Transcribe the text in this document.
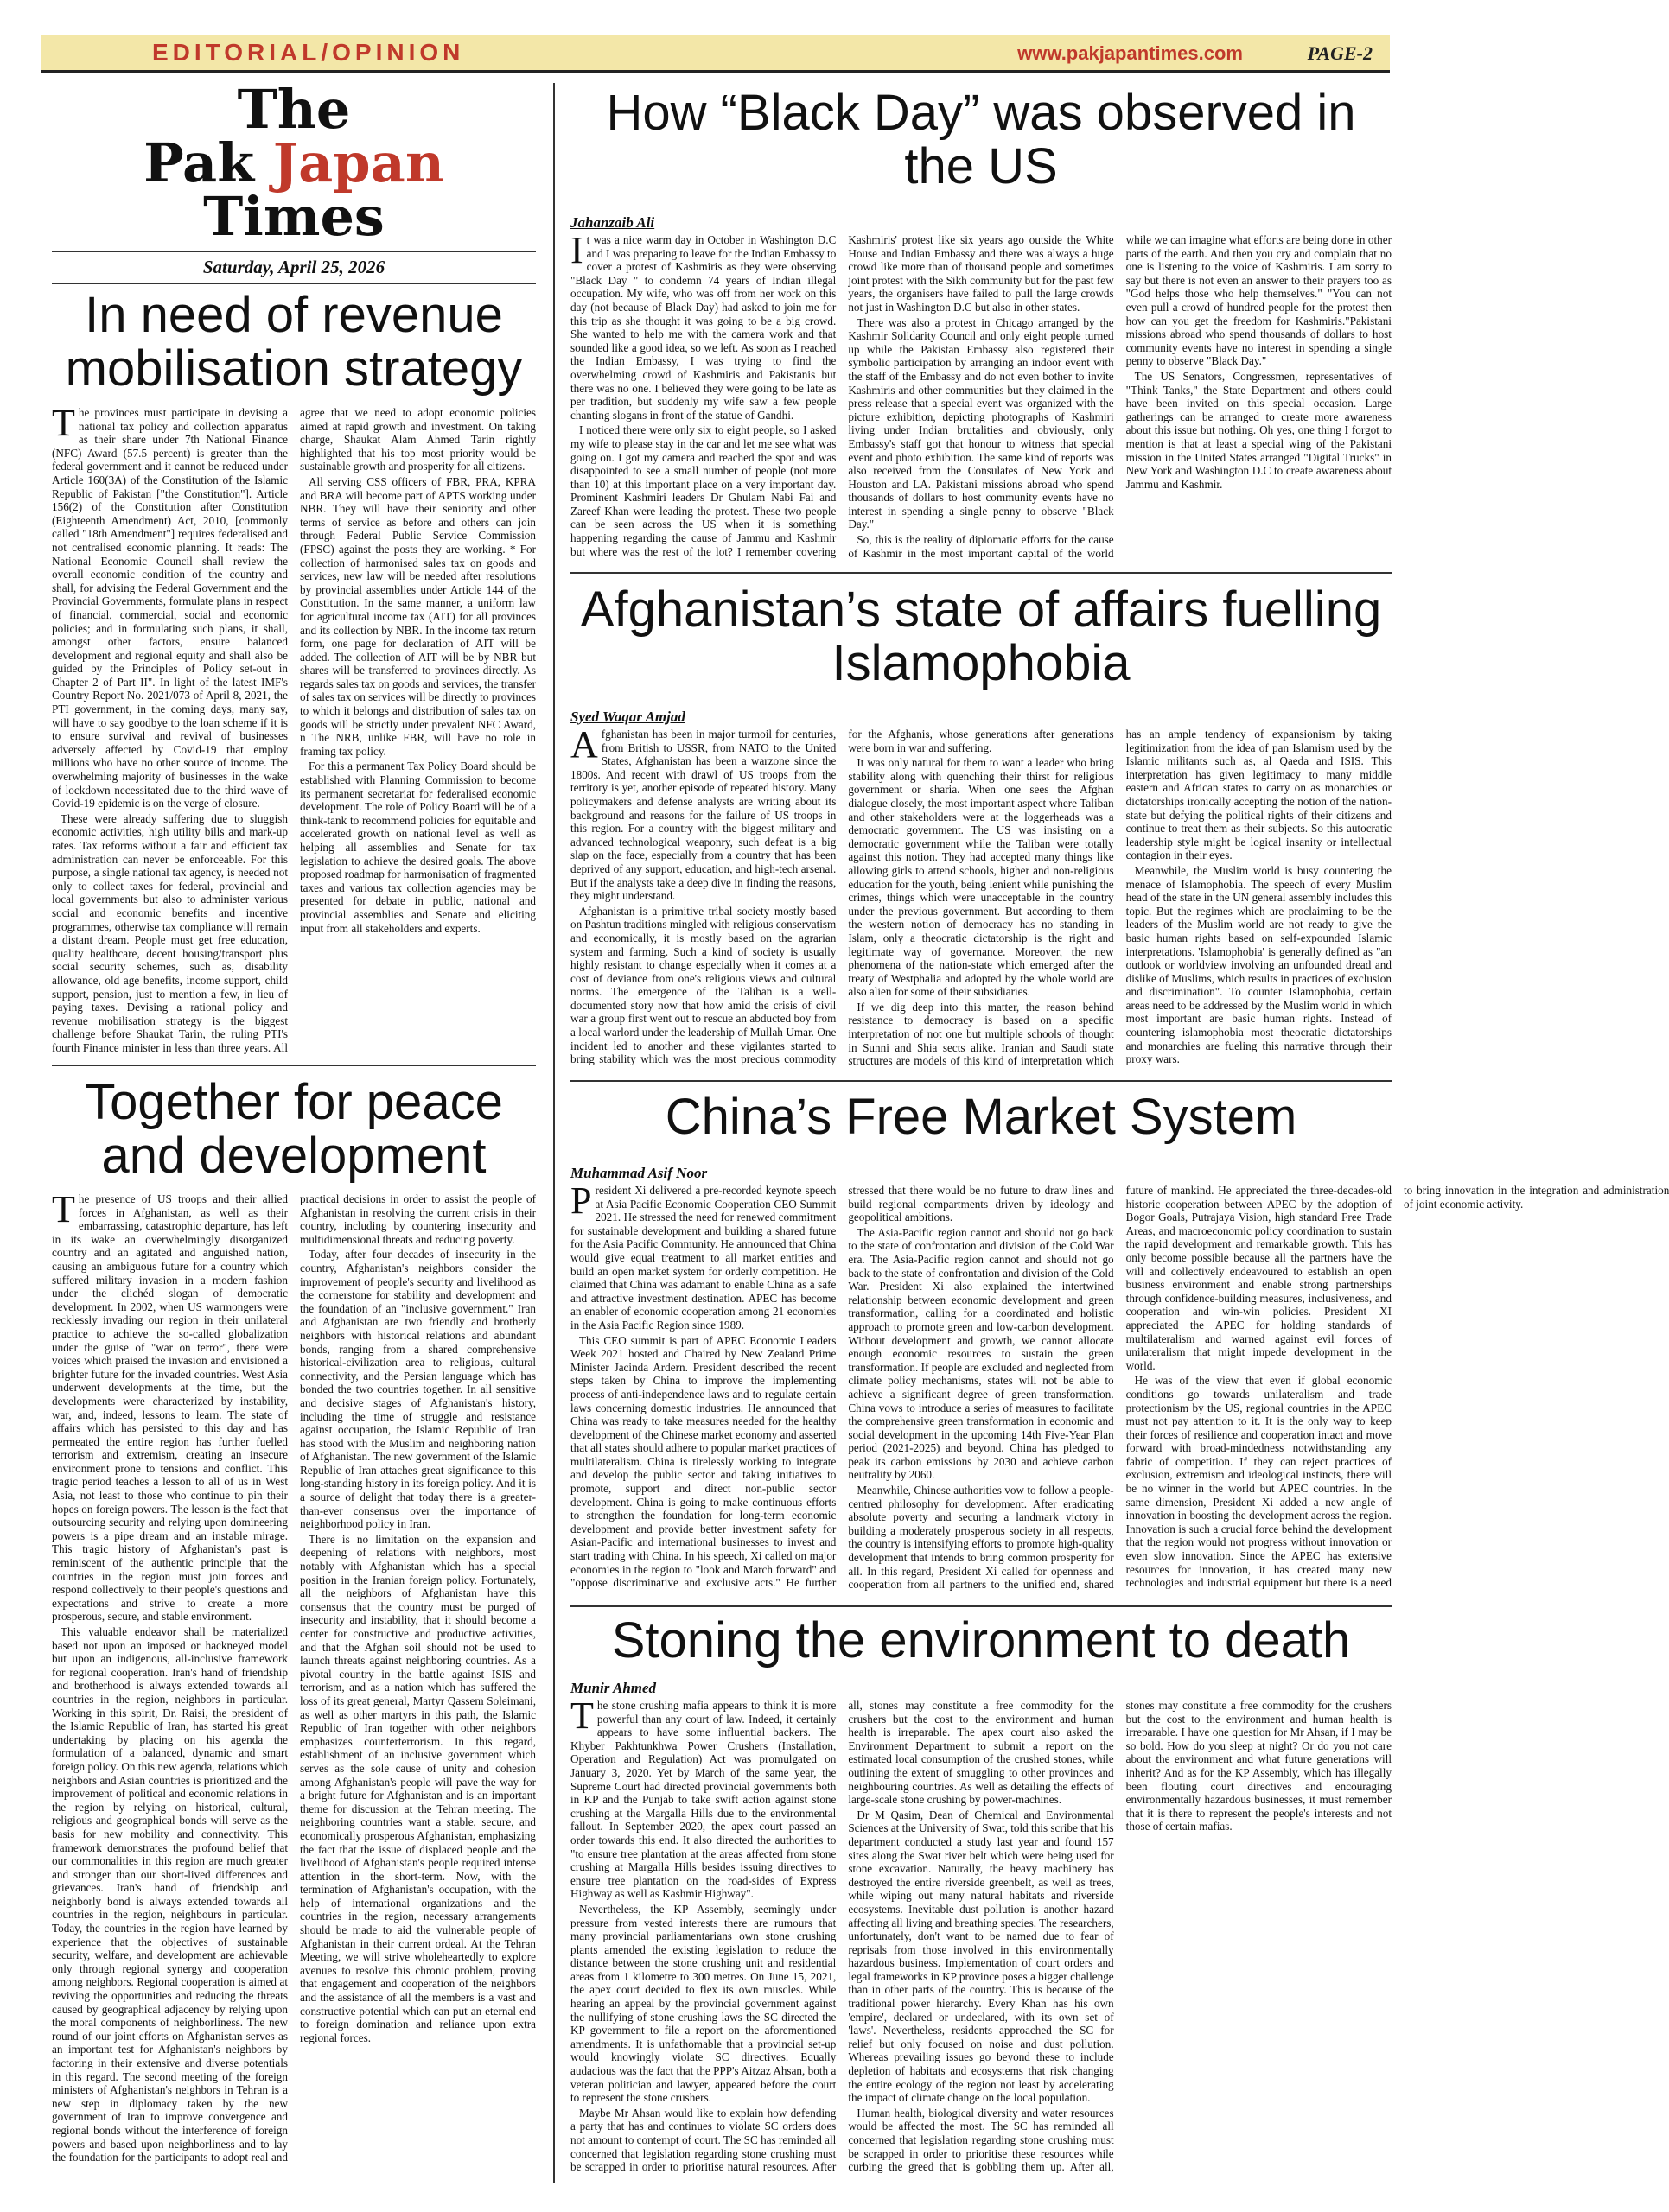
EDITORIAL/OPINION	www.pakjapantimes.com	PAGE-2
The
Pak Japan
Times
Saturday, April 25, 2026
In need of revenue mobilisation strategy

The provinces must participate in devising a national tax policy and collection apparatus as their share under 7th National Finance (NFC) Award (57.5 percent) is greater than the federal government and it cannot be reduced under Article 160(3A) of the Constitution of the Islamic Republic of Pakistan ["the Constitution"]. Article 156(2) of the Constitution after Constitution (Eighteenth Amendment) Act, 2010, [commonly called "18th Amendment"] requires federalised and not centralised economic planning. It reads: The National Economic Council shall review the overall economic condition of the country and shall, for advising the Federal Government and the Provincial Governments, formulate plans in respect of financial, commercial, social and economic policies; and in formulating such plans, it shall, amongst other factors, ensure balanced development and regional equity and shall also be guided by the Principles of Policy set-out in Chapter 2 of Part II". In light of the latest IMF's Country Report No. 2021/073 of April 8, 2021, the PTI government, in the coming days, many say, will have to say goodbye to the loan scheme if it is to ensure survival and revival of businesses adversely affected by Covid-19 that employ millions who have no other source of income. The overwhelming majority of businesses in the wake of lockdown necessitated due to the third wave of Covid-19 epidemic is on the verge of closure.

These were already suffering due to sluggish economic activities, high utility bills and mark-up rates. Tax reforms without a fair and efficient tax administration can never be enforceable. For this purpose, a single national tax agency, is needed not only to collect taxes for federal, provincial and local governments but also to administer various social and economic benefits and incentive programmes, otherwise tax compliance will remain a distant dream. People must get free education, quality healthcare, decent housing/transport plus social security schemes, such as, disability allowance, old age benefits, income support, child support, pension, just to mention a few, in lieu of paying taxes. Devising a rational policy and revenue mobilisation strategy is the biggest challenge before Shaukat Tarin, the ruling PTI's fourth Finance minister in less than three years. All agree that we need to adopt economic policies aimed at rapid growth and investment. On taking charge, Shaukat Alam Ahmed Tarin rightly highlighted that his top most priority would be sustainable growth and prosperity for all citizens.

All serving CSS officers of FBR, PRA, KPRA and BRA will become part of APTS working under NBR. They will have their seniority and other terms of service as before and others can join through Federal Public Service Commission (FPSC) against the posts they are working. * For collection of harmonised sales tax on goods and services, new law will be needed after resolutions by provincial assemblies under Article 144 of the Constitution. In the same manner, a uniform law for agricultural income tax (AIT) for all provinces and its collection by NBR. In the income tax return form, one page for declaration of AIT will be added. The collection of AIT will be by NBR but shares will be transferred to provinces directly. As regards sales tax on goods and services, the transfer of sales tax on services will be directly to provinces to which it belongs and distribution of sales tax on goods will be strictly under prevalent NFC Award, n The NRB, unlike FBR, will have no role in framing tax policy.

For this a permanent Tax Policy Board should be established with Planning Commission to become its permanent secretariat for federalised economic development. The role of Policy Board will be of a think-tank to recommend policies for equitable and accelerated growth on national level as well as helping all assemblies and Senate for tax legislation to achieve the desired goals. The above proposed roadmap for harmonisation of fragmented taxes and various tax collection agencies may be presented for debate in public, national and provincial assemblies and Senate and eliciting input from all stakeholders and experts.

Together for peace and development

The presence of US troops and their allied forces in Afghanistan, as well as their embarrassing, catastrophic departure, has left in its wake an overwhelmingly disorganized country and an agitated and anguished nation, causing an ambiguous future for a country which suffered military invasion in a modern fashion under the clichéd slogan of democratic development. In 2002, when US warmongers were recklessly invading our region in their unilateral practice to achieve the so-called globalization under the guise of "war on terror", there were voices which praised the invasion and envisioned a brighter future for the invaded countries. West Asia underwent developments at the time, but the developments were characterized by instability, war, and, indeed, lessons to learn. The state of affairs which has persisted to this day and has permeated the entire region has further fuelled terrorism and extremism, creating an insecure environment prone to tensions and conflict. This tragic period teaches a lesson to all of us in West Asia, not least to those who continue to pin their hopes on foreign powers. The lesson is the fact that outsourcing security and relying upon domineering powers is a pipe dream and an instable mirage. This tragic history of Afghanistan's past is reminiscent of the authentic principle that the countries in the region must join forces and respond collectively to their people's questions and expectations and strive to create a more prosperous, secure, and stable environment.

This valuable endeavor shall be materialized based not upon an imposed or hackneyed model but upon an indigenous, all-inclusive framework for regional cooperation. Iran's hand of friendship and brotherhood is always extended towards all countries in the region, neighbors in particular. Working in this spirit, Dr. Raisi, the president of the Islamic Republic of Iran, has started his great undertaking by placing on his agenda the formulation of a balanced, dynamic and smart foreign policy. On this new agenda, relations which neighbors and Asian countries is prioritized and the improvement of political and economic relations in the region by relying on historical, cultural, religious and geographical bonds will serve as the basis for new mobility and connectivity. This framework demonstrates the profound belief that our commonalities in this region are much greater and stronger than our short-lived differences and grievances. Iran's hand of friendship and neighborly bond is always extended towards all countries in the region, neighbours in particular. Today, the countries in the region have learned by experience that the objectives of sustainable security, welfare, and development are achievable only through regional synergy and cooperation among neighbors. Regional cooperation is aimed at reviving the opportunities and reducing the threats caused by geographical adjacency by relying upon the moral components of neighborliness. The new round of our joint efforts on Afghanistan serves as an important test for Afghanistan's neighbors by factoring in their extensive and diverse potentials in this regard. The second meeting of the foreign ministers of Afghanistan's neighbors in Tehran is a new step in diplomacy taken by the new government of Iran to improve convergence and regional bonds without the interference of foreign powers and based upon neighborliness and to lay the foundation for the participants to adopt real and practical decisions in order to assist the people of Afghanistan in resolving the current crisis in their country, including by countering insecurity and multidimensional threats and reducing poverty.

Today, after four decades of insecurity in the country, Afghanistan's neighbors consider the improvement of people's security and livelihood as the cornerstone for stability and development and the foundation of an "inclusive government." Iran and Afghanistan are two friendly and brotherly neighbors with historical relations and abundant bonds, ranging from a shared comprehensive historical-civilization area to religious, cultural connectivity, and the Persian language which has bonded the two countries together. In all sensitive and decisive stages of Afghanistan's history, including the time of struggle and resistance against occupation, the Islamic Republic of Iran has stood with the Muslim and neighboring nation of Afghanistan. The new government of the Islamic Republic of Iran attaches great significance to this long-standing history in its foreign policy. And it is a source of delight that today there is a greater-than-ever consensus over the importance of neighborhood policy in Iran.

There is no limitation on the expansion and deepening of relations with neighbors, most notably with Afghanistan which has a special position in the Iranian foreign policy. Fortunately, all the neighbors of Afghanistan have this consensus that the country must be purged of insecurity and instability, that it should become a center for constructive and productive activities, and that the Afghan soil should not be used to launch threats against neighboring countries. As a pivotal country in the battle against ISIS and terrorism, and as a nation which has suffered the loss of its great general, Martyr Qassem Soleimani, as well as other martyrs in this path, the Islamic Republic of Iran together with other neighbors emphasizes counterterrorism. In this regard, establishment of an inclusive government which serves as the sole cause of unity and cohesion among Afghanistan's people will pave the way for a bright future for Afghanistan and is an important theme for discussion at the Tehran meeting. The neighboring countries want a stable, secure, and economically prosperous Afghanistan, emphasizing the fact that the issue of displaced people and the livelihood of Afghanistan's people required intense attention in the short-term. Now, with the termination of Afghanistan's occupation, with the help of international organizations and the countries in the region, necessary arrangements should be made to aid the vulnerable people of Afghanistan in their current ordeal. At the Tehran Meeting, we will strive wholeheartedly to explore avenues to resolve this chronic problem, proving that engagement and cooperation of the neighbors and the assistance of all the members is a vast and constructive potential which can put an eternal end to foreign domination and reliance upon extra regional forces.

How “Black Day” was observed in the US
Jahanzaib Ali

It was a nice warm day in October in Washington D.C and I was preparing to leave for the Indian Embassy to cover a protest of Kashmiris as they were observing "Black Day " to condemn 74 years of Indian illegal occupation. My wife, who was off from her work on this day (not because of Black Day) had asked to join me for this trip as she thought it was going to be a big crowd. She wanted to help me with the camera work and that sounded like a good idea, so we left. As soon as I reached the Indian Embassy, I was trying to find the overwhelming crowd of Kashmiris and Pakistanis but there was no one. I believed they were going to be late as per tradition, but suddenly my wife saw a few people chanting slogans in front of the statue of Gandhi.

I noticed there were only six to eight people, so I asked my wife to please stay in the car and let me see what was going on. I got my camera and reached the spot and was disappointed to see a small number of people (not more than 10) at this important place on a very important day. Prominent Kashmiri leaders Dr Ghulam Nabi Fai and Zareef Khan were leading the protest. These two people can be seen across the US when it is something happening regarding the cause of Jammu and Kashmir but where was the rest of the lot? I remember covering Kashmiris' protest like six years ago outside the White House and Indian Embassy and there was always a huge crowd like more than of thousand people and sometimes joint protest with the Sikh community but for the past few years, the organisers have failed to pull the large crowds not just in Washington D.C but also in other states.

There was also a protest in Chicago arranged by the Kashmir Solidarity Council and only eight people turned up while the Pakistan Embassy also registered their symbolic participation by arranging an indoor event with the staff of the Embassy and do not even bother to invite Kashmiris and other communities but they claimed in the press release that a special event was organized with the picture exhibition, depicting photographs of Kashmiri living under Indian brutalities and obviously, only Embassy's staff got that honour to witness that special event and photo exhibition. The same kind of reports was also received from the Consulates of New York and Houston and LA. Pakistani missions abroad who spend thousands of dollars to host community events have no interest in spending a single penny to observe "Black Day."

So, this is the reality of diplomatic efforts for the cause of Kashmir in the most important capital of the world while we can imagine what efforts are being done in other parts of the earth. And then you cry and complain that no one is listening to the voice of Kashmiris. I am sorry to say but there is not even an answer to their prayers too as "God helps those who help themselves." "You can not even pull a crowd of hundred people for the protest then how can you get the freedom for Kashmiris."Pakistani missions abroad who spend thousands of dollars to host community events have no interest in spending a single penny to observe "Black Day."

The US Senators, Congressmen, representatives of "Think Tanks," the State Department and others could have been invited on this special occasion. Large gatherings can be arranged to create more awareness about this issue but nothing. Oh yes, one thing I forgot to mention is that at least a special wing of the Pakistani mission in the United States arranged "Digital Trucks" in New York and Washington D.C to create awareness about Jammu and Kashmir.

Afghanistan’s state of affairs fuelling Islamophobia
Syed Waqar Amjad

Afghanistan has been in major turmoil for centuries, from British to USSR, from NATO to the United States, Afghanistan has been a warzone since the 1800s. And recent with drawl of US troops from the territory is yet, another episode of repeated history. Many policymakers and defense analysts are writing about its background and reasons for the failure of US troops in this region. For a country with the biggest military and advanced technological weaponry, such defeat is a big slap on the face, especially from a country that has been deprived of any support, education, and high-tech arsenal. But if the analysts take a deep dive in finding the reasons, they might understand.

Afghanistan is a primitive tribal society mostly based on Pashtun traditions mingled with religious conservatism and economically, it is mostly based on the agrarian system and farming. Such a kind of society is usually highly resistant to change especially when it comes at a cost of deviance from one's religious views and cultural norms. The emergence of the Taliban is a well-documented story now that how amid the crisis of civil war a group first went out to rescue an abducted boy from a local warlord under the leadership of Mullah Umar. One incident led to another and these vigilantes started to bring stability which was the most precious commodity for the Afghanis, whose generations after generations were born in war and suffering.

It was only natural for them to want a leader who bring stability along with quenching their thirst for religious government or sharia. When one sees the Afghan dialogue closely, the most important aspect where Taliban and other stakeholders were at the loggerheads was a democratic government. The US was insisting on a democratic government while the Taliban were totally against this notion. They had accepted many things like allowing girls to attend schools, higher and non-religious education for the youth, being lenient while punishing the crimes, things which were unacceptable in the country under the previous government. But according to them the western notion of democracy has no standing in Islam, only a theocratic dictatorship is the right and legitimate way of governance. Moreover, the new phenomena of the nation-state which emerged after the treaty of Westphalia and adopted by the whole world are also alien for some of their subsidiaries.

If we dig deep into this matter, the reason behind resistance to democracy is based on a specific interpretation of not one but multiple schools of thought in Sunni and Shia sects alike. Iranian and Saudi state structures are models of this kind of interpretation which has an ample tendency of expansionism by taking legitimization from the idea of pan Islamism used by the Islamic militants such as, al Qaeda and ISIS. This interpretation has given legitimacy to many middle eastern and African states to carry on as monarchies or dictatorships ironically accepting the notion of the nation-state but defying the political rights of their citizens and continue to treat them as their subjects. So this autocratic leadership style might be logical insanity or intellectual contagion in their eyes.

Meanwhile, the Muslim world is busy countering the menace of Islamophobia. The speech of every Muslim head of the state in the UN general assembly includes this topic. But the regimes which are proclaiming to be the leaders of the Muslim world are not ready to give the basic human rights based on self-expounded Islamic interpretations. 'Islamophobia' is generally defined as "an outlook or worldview involving an unfounded dread and dislike of Muslims, which results in practices of exclusion and discrimination". To counter Islamophobia, certain areas need to be addressed by the Muslim world in which most important are basic human rights. Instead of countering islamophobia most theocratic dictatorships and monarchies are fueling this narrative through their proxy wars.

China’s Free Market System
Muhammad Asif Noor

President Xi delivered a pre-recorded keynote speech at Asia Pacific Economic Cooperation CEO Summit 2021. He stressed the need for renewed commitment for sustainable development and building a shared future for the Asia Pacific Community. He announced that China would give equal treatment to all market entities and build an open market system for orderly competition. He claimed that China was adamant to enable China as a safe and attractive investment destination. APEC has become an enabler of economic cooperation among 21 economies in the Asia Pacific Region since 1989.

This CEO summit is part of APEC Economic Leaders Week 2021 hosted and Chaired by New Zealand Prime Minister Jacinda Ardern. President described the recent steps taken by China to improve the implementing process of anti-independence laws and to regulate certain laws concerning domestic industries. He announced that China was ready to take measures needed for the healthy development of the Chinese market economy and asserted that all states should adhere to popular market practices of multilateralism. China is tirelessly working to integrate and develop the public sector and taking initiatives to promote, support and direct non-public sector development. China is going to make continuous efforts to strengthen the foundation for long-term economic development and provide better investment safety for Asian-Pacific and international businesses to invest and start trading with China. In his speech, Xi called on major economies in the region to "look and March forward" and "oppose discriminative and exclusive acts." He further stressed that there would be no future to draw lines and build regional compartments driven by ideology and geopolitical ambitions.

The Asia-Pacific region cannot and should not go back to the state of confrontation and division of the Cold War era. The Asia-Pacific region cannot and should not go back to the state of confrontation and division of the Cold War. President Xi also explained the intertwined relationship between economic development and green transformation, calling for a coordinated and holistic approach to promote green and low-carbon development. Without development and growth, we cannot allocate enough economic resources to sustain the green transformation. If people are excluded and neglected from climate policy mechanisms, states will not be able to achieve a significant degree of green transformation. China vows to introduce a series of measures to facilitate the comprehensive green transformation in economic and social development in the upcoming 14th Five-Year Plan period (2021-2025) and beyond. China has pledged to peak its carbon emissions by 2030 and achieve carbon neutrality by 2060.

Meanwhile, Chinese authorities vow to follow a people-centred philosophy for development. After eradicating absolute poverty and securing a landmark victory in building a moderately prosperous society in all respects, the country is intensifying efforts to promote high-quality development that intends to bring common prosperity for all. In this regard, President Xi called for openness and cooperation from all partners to the unified end, shared future of mankind. He appreciated the three-decades-old historic cooperation between APEC by the adoption of Bogor Goals, Putrajaya Vision, high standard Free Trade Areas, and macroeconomic policy coordination to sustain the rapid development and remarkable growth. This has only become possible because all the partners have the will and collectively endeavoured to establish an open business environment and enable strong partnerships through confidence-building measures, inclusiveness, and cooperation and win-win policies. President XI appreciated the APEC for holding standards of multilateralism and warned against evil forces of unilateralism that might impede development in the world.

He was of the view that even if global economic conditions go towards unilateralism and trade protectionism by the US, regional countries in the APEC must not pay attention to it. It is the only way to keep their forces of resilience and cooperation intact and move forward with broad-mindedness notwithstanding any fabric of competition. If they can reject practices of exclusion, extremism and ideological instincts, there will be no winner in the world but APEC countries. In the same dimension, President Xi added a new angle of innovation in boosting the development across the region. Innovation is such a crucial force behind the development that the region would not progress without innovation or even slow innovation. Since the APEC has extensive resources for innovation, it has created many new technologies and industrial equipment but there is a need to bring innovation in the integration and administration of joint economic activity.

Stoning the environment to death
Munir Ahmed

The stone crushing mafia appears to think it is more powerful than any court of law. Indeed, it certainly appears to have some influential backers. The Khyber Pakhtunkhwa Power Crushers (Installation, Operation and Regulation) Act was promulgated on January 3, 2020. Yet by March of the same year, the Supreme Court had directed provincial governments both in KP and the Punjab to take swift action against stone crushing at the Margalla Hills due to the environmental fallout. In September 2020, the apex court passed an order towards this end. It also directed the authorities to "to ensure tree plantation at the areas affected from stone crushing at Margalla Hills besides issuing directives to ensure tree plantation on the road-sides of Express Highway as well as Kashmir Highway".

Nevertheless, the KP Assembly, seemingly under pressure from vested interests there are rumours that many provincial parliamentarians own stone crushing plants amended the existing legislation to reduce the distance between the stone crushing unit and residential areas from 1 kilometre to 300 metres. On June 15, 2021, the apex court decided to flex its own muscles. While hearing an appeal by the provincial government against the nullifying of stone crushing laws the SC directed the KP government to file a report on the aforementioned amendments. It is unfathomable that a provincial set-up would knowingly violate SC directives. Equally audacious was the fact that the PPP's Aitzaz Ahsan, both a veteran politician and lawyer, appeared before the court to represent the stone crushers.

Maybe Mr Ahsan would like to explain how defending a party that has and continues to violate SC orders does not amount to contempt of court. The SC has reminded all concerned that legislation regarding stone crushing must be scrapped in order to prioritise natural resources. After all, stones may constitute a free commodity for the crushers but the cost to the environment and human health is irreparable. The apex court also asked the Environment Department to submit a report on the estimated local consumption of the crushed stones, while outlining the extent of smuggling to other provinces and neighbouring countries. As well as detailing the effects of large-scale stone crushing by power-machines.

Dr M Qasim, Dean of Chemical and Environmental Sciences at the University of Swat, told this scribe that his department conducted a study last year and found 157 sites along the Swat river belt which were being used for stone excavation. Naturally, the heavy machinery has destroyed the entire riverside greenbelt, as well as trees, while wiping out many natural habitats and riverside ecosystems. Inevitable dust pollution is another hazard affecting all living and breathing species. The researchers, unfortunately, don't want to be named due to fear of reprisals from those involved in this environmentally hazardous business. Implementation of court orders and legal frameworks in KP province poses a bigger challenge than in other parts of the country. This is because of the traditional power hierarchy. Every Khan has his own 'empire', declared or undeclared, with its own set of 'laws'. Nevertheless, residents approached the SC for relief but only focused on noise and dust pollution. Whereas prevailing issues go beyond these to include depletion of habitats and ecosystems that risk changing the entire ecology of the region not least by accelerating the impact of climate change on the local population.

Human health, biological diversity and water resources would be affected the most. The SC has reminded all concerned that legislation regarding stone crushing must be scrapped in order to prioritise these resources while curbing the greed that is gobbling them up. After all, stones may constitute a free commodity for the crushers but the cost to the environment and human health is irreparable. I have one question for Mr Ahsan, if I may be so bold. How do you sleep at night? Or do you not care about the environment and what future generations will inherit? And as for the KP Assembly, which has illegally been flouting court directives and encouraging environmentally hazardous businesses, it must remember that it is there to represent the people's interests and not those of certain mafias.
